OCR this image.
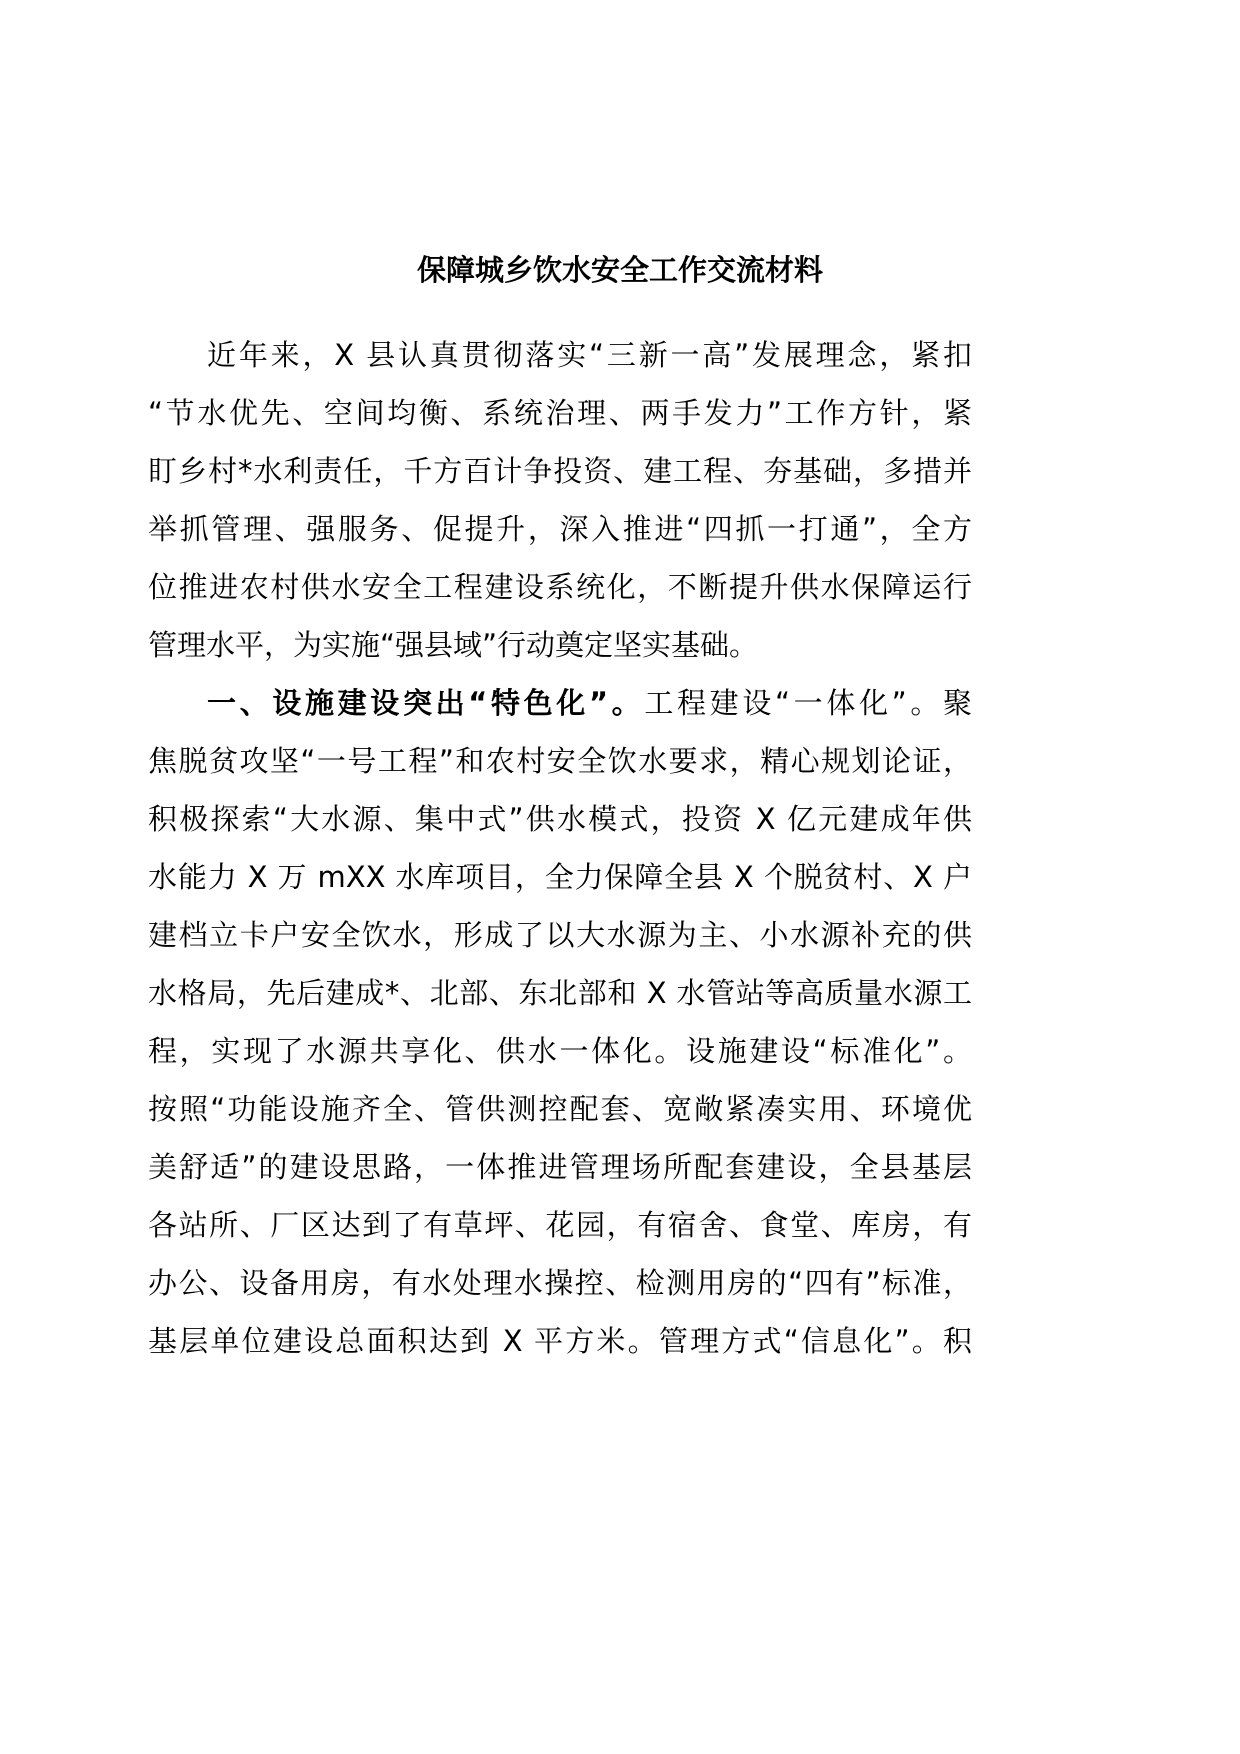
保障城乡饮水安全工作交流材料
近年来，X 县认真贯彻落实“三新一高”发展理念，紧扣
“节水优先、空间均衡、系统治理、两手发力”工作方针，紧
盯乡村*水利责任，千方百计争投资、建工程、夯基础，多措并
举抓管理、强服务、促提升，深入推进“四抓一打通”，全方
位推进农村供水安全工程建设系统化，不断提升供水保障运行
管理水平，为实施“强县域”行动奠定坚实基础。
一、设施建设突出“特色化”。工程建设“一体化”。聚
焦脱贫攻坚“一号工程”和农村安全饮水要求，精心规划论证，
积极探索“大水源、集中式”供水模式，投资 X 亿元建成年供
水能力 X 万 mXX 水库项目，全力保障全县 X 个脱贫村、X 户
建档立卡户安全饮水，形成了以大水源为主、小水源补充的供
水格局，先后建成*、北部、东北部和 X 水管站等高质量水源工
程，实现了水源共享化、供水一体化。设施建设“标准化”。
按照“功能设施齐全、管供测控配套、宽敞紧凑实用、环境优
美舒适”的建设思路，一体推进管理场所配套建设，全县基层
各站所、厂区达到了有草坪、花园，有宿舍、食堂、库房，有
办公、设备用房，有水处理水操控、检测用房的“四有”标准，
基层单位建设总面积达到 X 平方米。管理方式“信息化”。积
